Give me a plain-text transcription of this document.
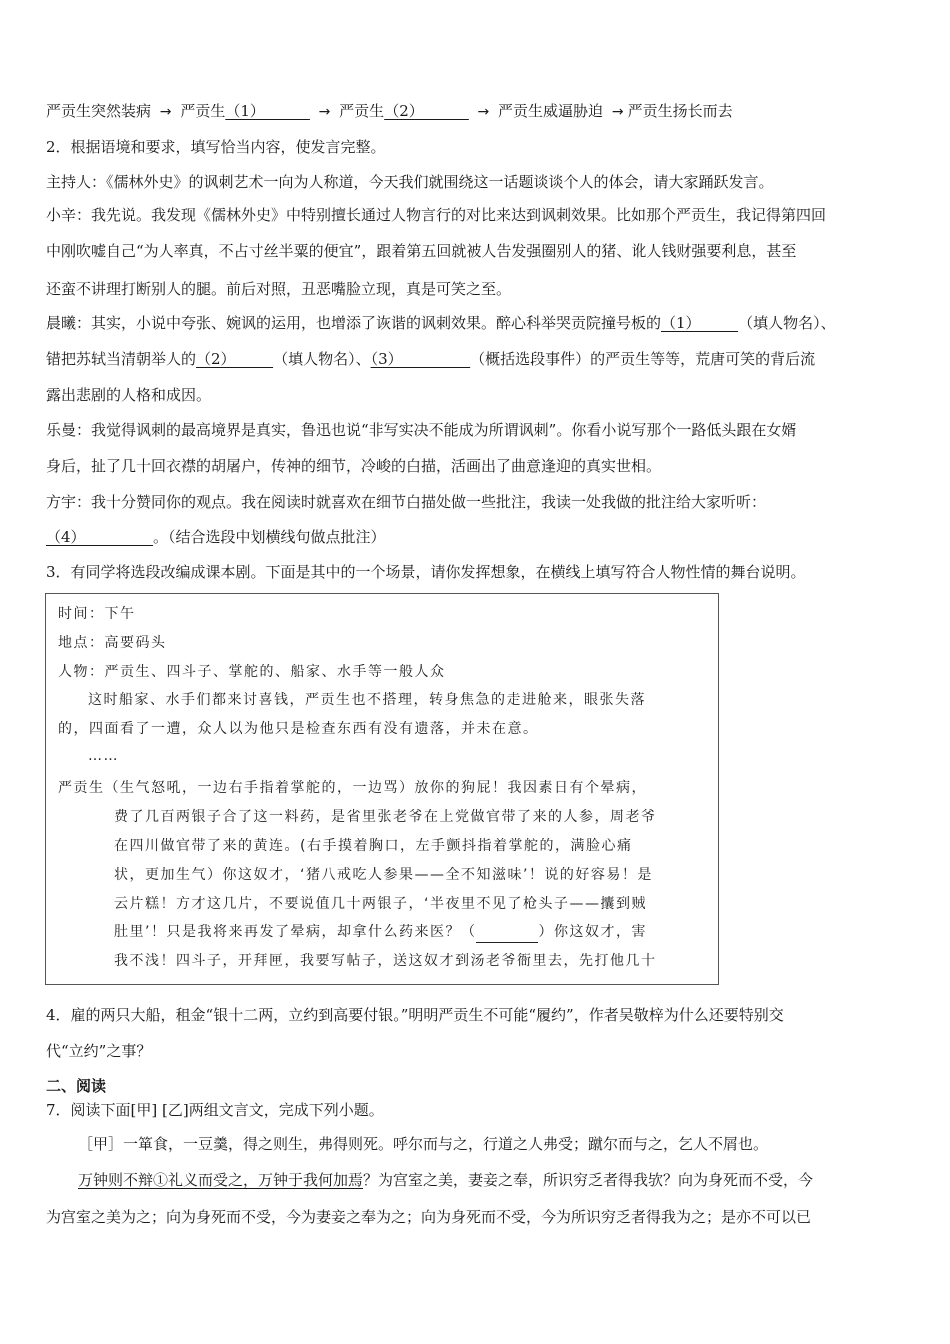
严贡生突然装病 → 严贡生（1）______ → 严贡生（2）______ → 严贡生威逼胁迫 → 严贡生扬长而去
2．根据语境和要求，填写恰当内容，使发言完整。
主持人：《儒林外史》的讽刺艺术一向为人称道，今天我们就围绕这一话题谈谈个人的体会，请大家踊跃发言。
小辛：我先说。我发现《儒林外史》中特别擅长通过人物言行的对比来达到讽刺效果。比如那个严贡生，我记得第四回
中刚吹嘘自己“为人率真，不占寸丝半粟的便宜”，跟着第五回就被人告发强圈别人的猪、讹人钱财强要利息，甚至
还蛮不讲理打断别人的腿。前后对照，丑恶嘴脸立现，真是可笑之至。
晨曦：其实，小说中夸张、婉讽的运用，也增添了诙谐的讽刺效果。醉心科举哭贡院撞号板的（1）_____（填人物名）、
错把苏轼当清朝举人的（2）_____（填人物名）、（3）_________（概括选段事件）的严贡生等等，荒唐可笑的背后流
露出悲剧的人格和成因。
乐曼：我觉得讽刺的最高境界是真实，鲁迅也说“非写实决不能成为所谓讽刺”。你看小说写那个一路低头跟在女婿
身后，扯了几十回衣襟的胡屠户，传神的细节，冷峻的白描，活画出了曲意逢迎的真实世相。
方宇：我十分赞同你的观点。我在阅读时就喜欢在细节白描处做一些批注，我读一处我做的批注给大家听听：
（4）_________。（结合选段中划横线句做点批注）
3．有同学将选段改编成课本剧。下面是其中的一个场景，请你发挥想象，在横线上填写符合人物性情的舞台说明。
时间：下午
地点：高要码头
人物：严贡生、四斗子、掌舵的、船家、水手等一般人众
这时船家、水手们都来讨喜钱，严贡生也不搭理，转身焦急的走进舱来，眼张失落
的，四面看了一遭，众人以为他只是检查东西有没有遗落，并未在意。
……
严贡生（生气怒吼，一边右手指着掌舵的，一边骂）放你的狗屁！我因素日有个晕病，
费了几百两银子合了这一料药，是省里张老爷在上党做官带了来的人参，周老爷
在四川做官带了来的黄连。(右手摸着胸口，左手颤抖指着掌舵的，满脸心痛
状，更加生气）你这奴才，‘猪八戒吃人参果——全不知滋味’！说的好容易！是
云片糕！方才这几片，不要说值几十两银子，‘半夜里不见了枪头子——攮到贼
肚里’！只是我将来再发了晕病，却拿什么药来医？（	）你这奴才，害
我不浅！四斗子，开拜匣，我要写帖子，送这奴才到汤老爷衙里去，先打他几十
4．雇的两只大船，租金“银十二两，立约到高要付银。”明明严贡生不可能“履约”，作者吴敬梓为什么还要特别交
代“立约”之事？
二、阅读
7．阅读下面[甲] [乙]两组文言文，完成下列小题。
［甲］一箪食，一豆羹，得之则生，弗得则死。呼尔而与之，行道之人弗受；蹴尔而与之，乞人不屑也。
万钟则不辩①礼义而受之，万钟于我何加焉？为宫室之美，妻妾之奉，所识穷乏者得我欤？向为身死而不受，今
为宫室之美为之；向为身死而不受，今为妻妾之奉为之；向为身死而不受，今为所识穷乏者得我为之；是亦不可以已
